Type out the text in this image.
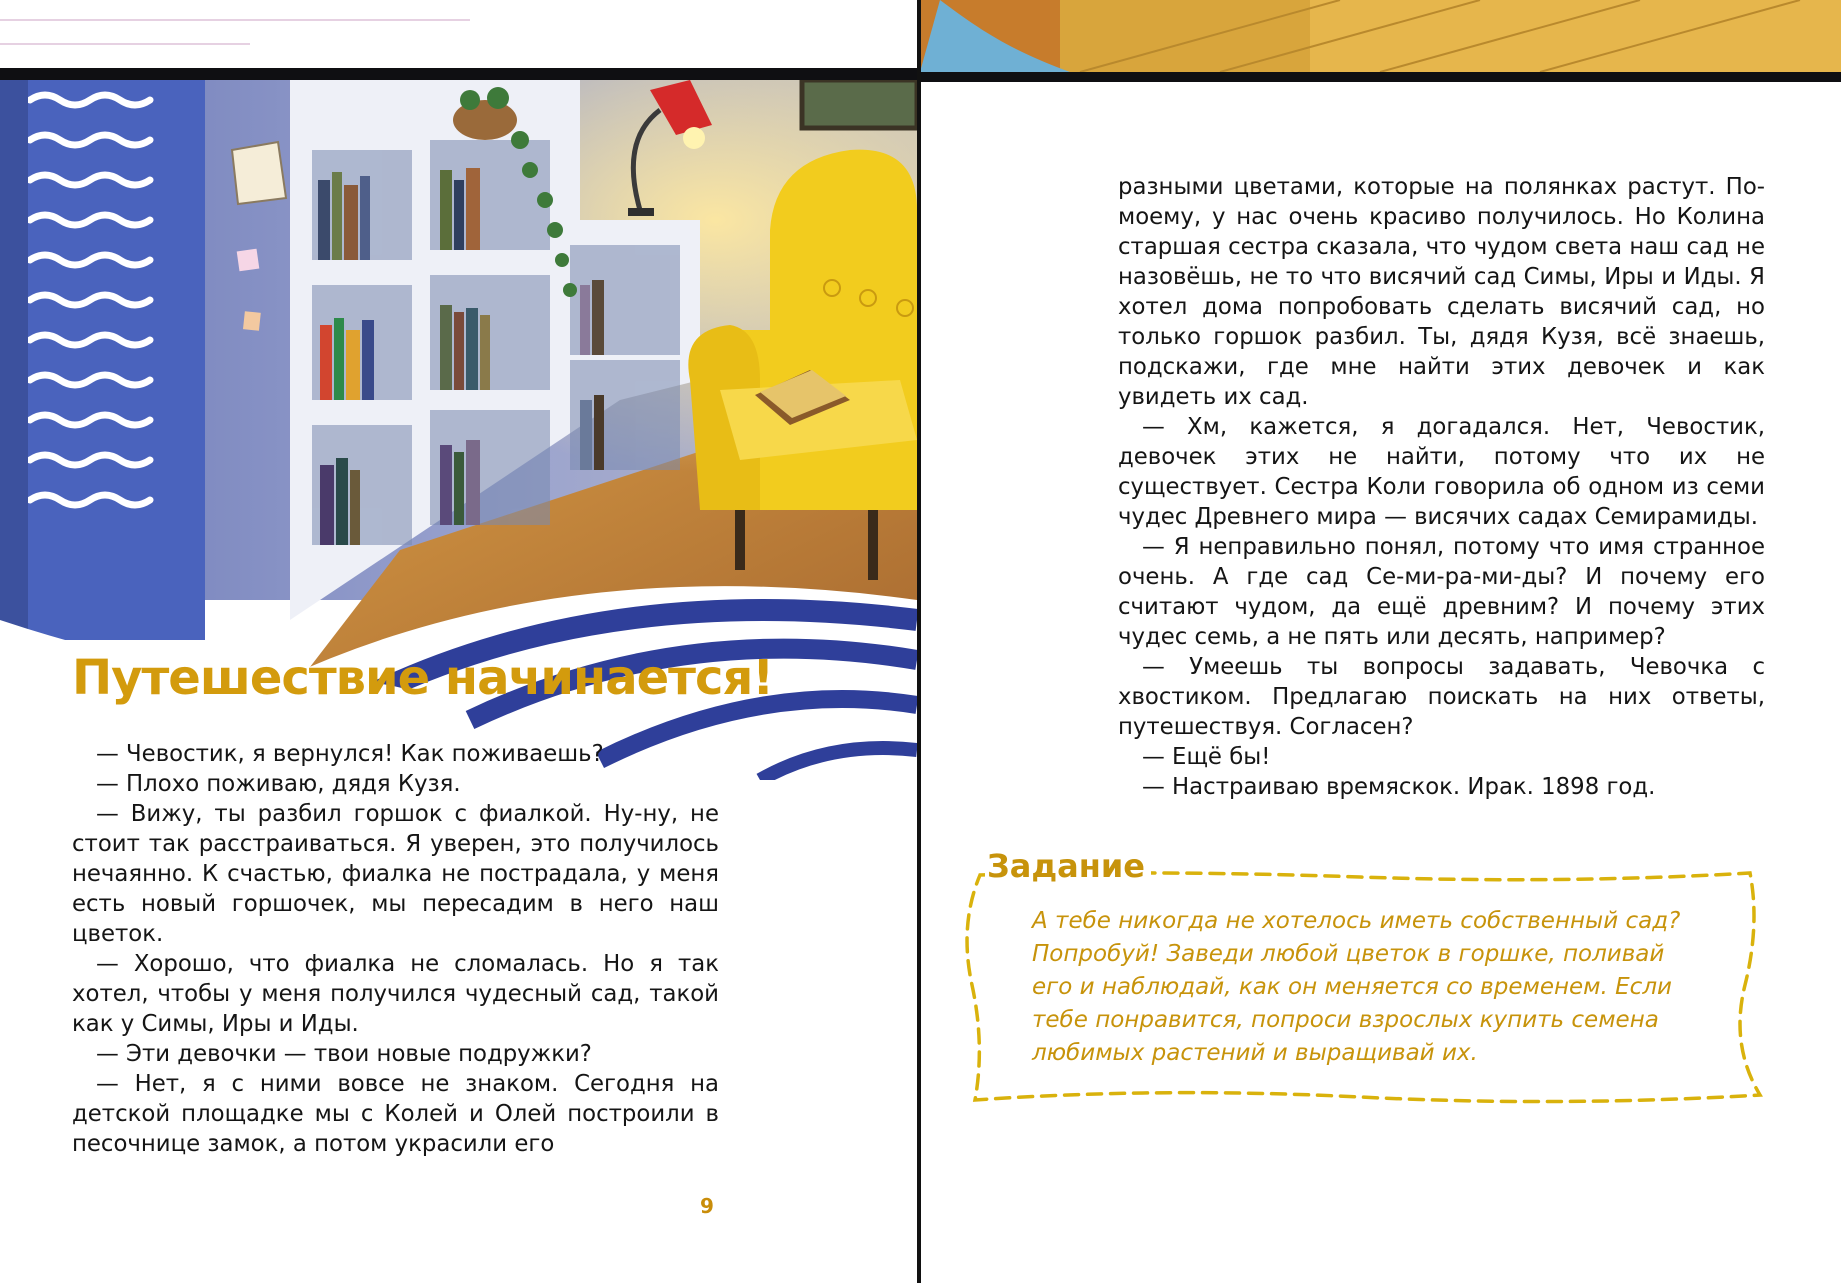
Путешествие начинается!

— Чевостик, я вернулся! Как поживаешь?

— Плохо поживаю, дядя Кузя.

— Вижу, ты разбил горшок с фиалкой. Ну-ну, не стоит так расстраиваться. Я уверен, это получилось нечаянно. К счастью, фиалка не пострадала, у меня есть новый горшочек, мы пересадим в него наш цветок.

— Хорошо, что фиалка не сломалась. Но я так хотел, чтобы у меня получился чудесный сад, такой как у Симы, Иры и Иды.

— Эти девочки — твои новые подружки?

— Нет, я с ними вовсе не знаком. Сегодня на детской площадке мы с Колей и Олей построили в песочнице замок, а потом украсили его

9

разными цветами, которые на полянках растут. По-моему, у нас очень красиво получилось. Но Колина старшая сестра сказала, что чудом света наш сад не назовёшь, не то что висячий сад Симы, Иры и Иды. Я хотел дома попробовать сделать висячий сад, но только горшок разбил. Ты, дядя Кузя, всё знаешь, подскажи, где мне найти этих девочек и как увидеть их сад.

— Хм, кажется, я догадался. Нет, Чевостик, девочек этих не найти, потому что их не существует. Сестра Коли говорила об одном из семи чудес Древнего мира — висячих садах Семирамиды.

— Я неправильно понял, потому что имя странное очень. А где сад Се-ми-ра-ми-ды? И почему его считают чудом, да ещё древним? И почему этих чудес семь, а не пять или десять, например?

— Умеешь ты вопросы задавать, Чевочка с хвостиком. Предлагаю поискать на них ответы, путешествуя. Согласен?

— Ещё бы!

— Настраиваю времяскок. Ирак. 1898 год.

Задание
А тебе никогда не хотелось иметь собственный сад? Попробуй! Заведи любой цветок в горшке, поливай его и наблюдай, как он меняется со временем. Если тебе понравится, попроси взрослых купить семена любимых растений и выращивай их.
